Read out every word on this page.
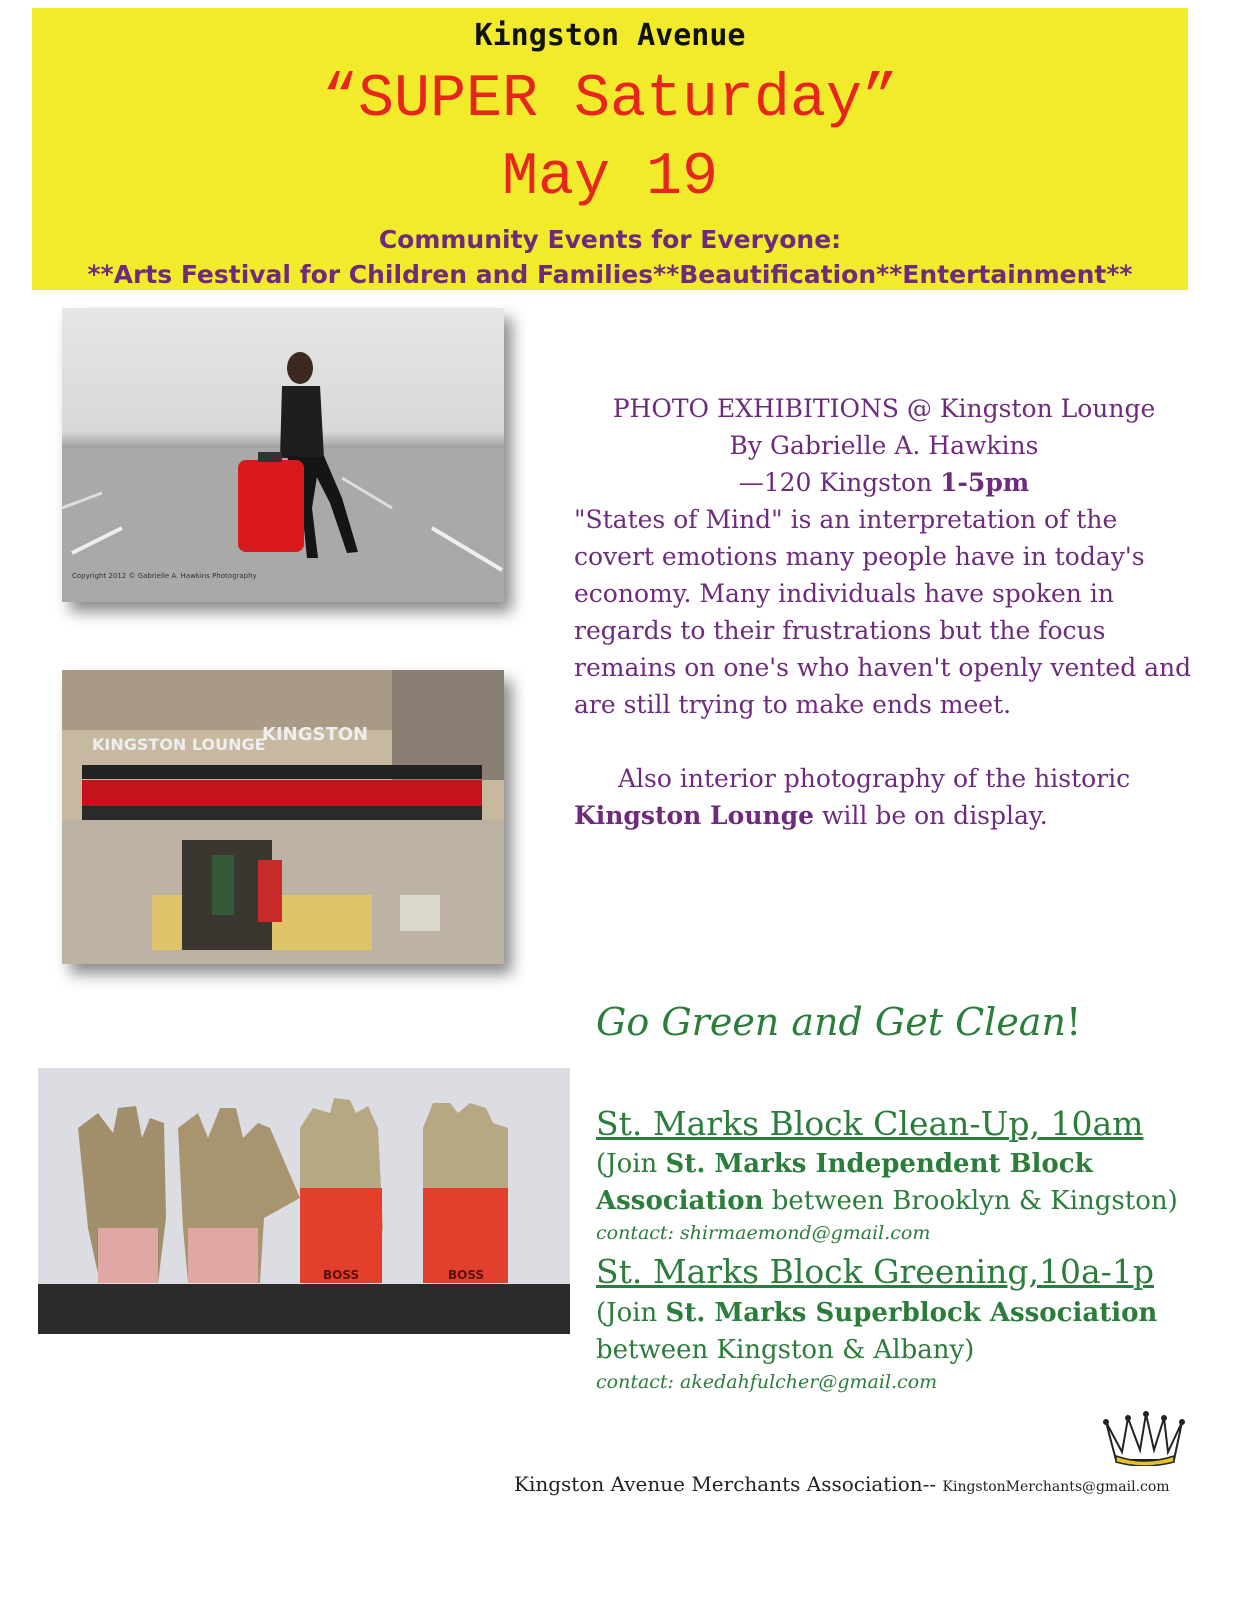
Kingston Avenue
“SUPER Saturday”
May 19
Community Events for Everyone:
**Arts Festival for Children and Families**Beautification**Entertainment**
Copyright 2012 © Gabrielle A. Hawkins Photography
KINGSTON LOUNGE
KINGSTON
BOSS	BOSS
PHOTO EXHIBITIONS @ Kingston Lounge
By Gabrielle A. Hawkins
—120 Kingston 1-5pm
"States of Mind" is an interpretation of the covert emotions many people have in today's economy. Many individuals have spoken in regards to their frustrations but the focus remains on one's who haven't openly vented and are still trying to make ends meet.
Also interior photography of the historic
Kingston Lounge will be on display.
Go Green and Get Clean!
St. Marks Block Clean-Up, 10am
(Join St. Marks Independent Block
Association between Brooklyn & Kingston)
contact: shirmaemond@gmail.com
St. Marks Block Greening,10a-1p
(Join St. Marks Superblock Association
between Kingston & Albany)
contact: akedahfulcher@gmail.com
Kingston Avenue Merchants Association-- KingstonMerchants@gmail.com
